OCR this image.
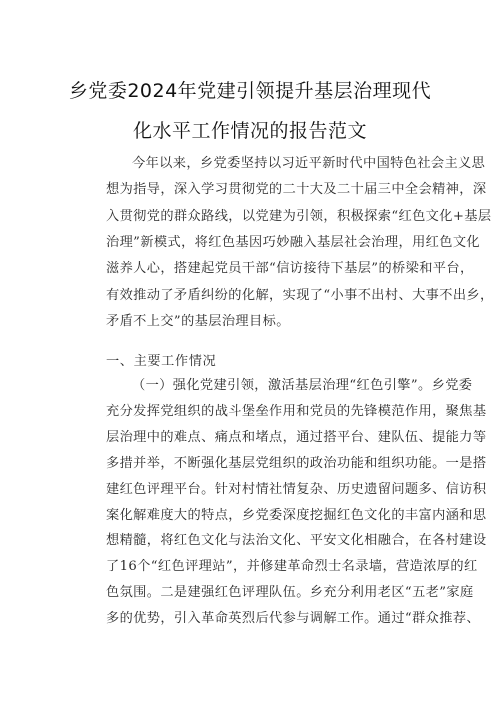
乡党委2024年党建引领提升基层治理现代
化水平工作情况的报告范文
今年以来，乡党委坚持以习近平新时代中国特色社会主义思
想为指导，深入学习贯彻党的二十大及二十届三中全会精神，深
入贯彻党的群众路线，以党建为引领，积极探索“红色文化+基层
治理”新模式，将红色基因巧妙融入基层社会治理，用红色文化
滋养人心，搭建起党员干部“信访接待下基层”的桥梁和平台，
有效推动了矛盾纠纷的化解，实现了“小事不出村、大事不出乡，
矛盾不上交”的基层治理目标。
一、主要工作情况
（一）强化党建引领，激活基层治理“红色引擎”。乡党委
充分发挥党组织的战斗堡垒作用和党员的先锋模范作用，聚焦基
层治理中的难点、痛点和堵点，通过搭平台、建队伍、提能力等
多措并举，不断强化基层党组织的政治功能和组织功能。一是搭
建红色评理平台。针对村情社情复杂、历史遗留问题多、信访积
案化解难度大的特点，乡党委深度挖掘红色文化的丰富内涵和思
想精髓，将红色文化与法治文化、平安文化相融合，在各村建设
了16个“红色评理站”，并修建革命烈士名录墙，营造浓厚的红
色氛围。二是建强红色评理队伍。乡充分利用老区“五老”家庭
多的优势，引入革命英烈后代参与调解工作。通过“群众推荐、
